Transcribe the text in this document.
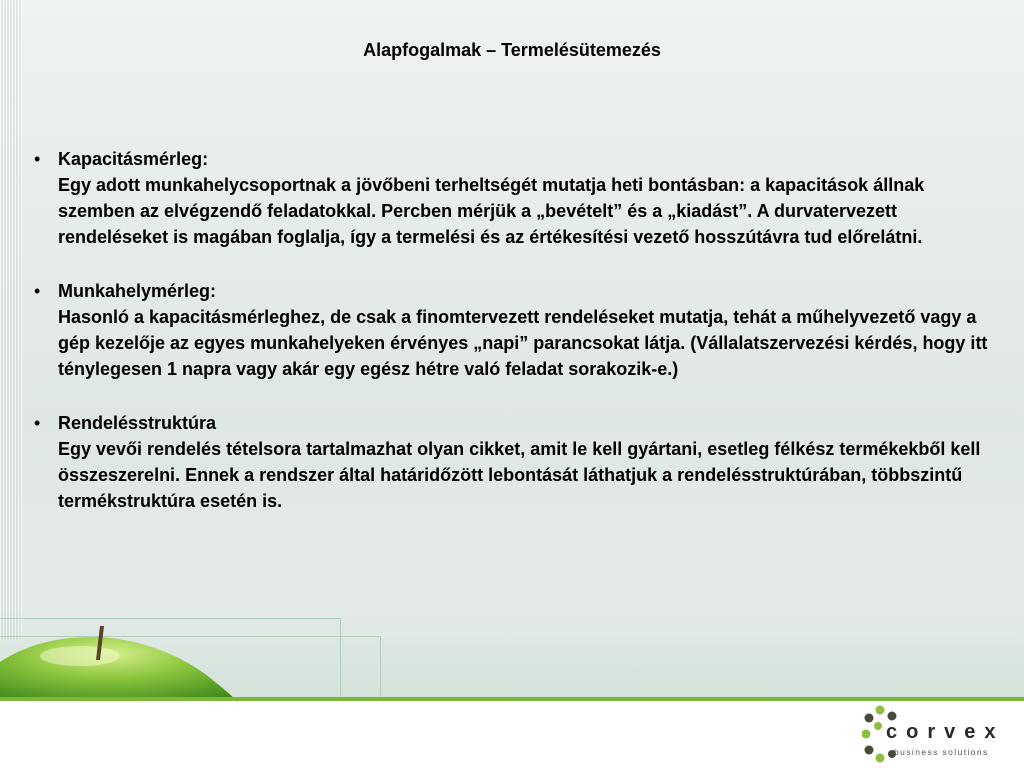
Alapfogalmak – Termelésütemezés
• Kapacitásmérleg:
Egy adott munkahelycsoportnak a jövőbeni terheltségét mutatja heti bontásban: a kapacitások állnak szemben az elvégzendő feladatokkal. Percben mérjük a „bevételt” és a „kiadást”. A durvatervezett rendeléseket is magában foglalja, így a termelési és az értékesítési vezető hosszútávra tud előrelátni.
• Munkahelymérleg:
Hasonló a kapacitásmérleghez, de csak a finomtervezett rendeléseket mutatja, tehát a műhelyvezető vagy a gép kezelője az egyes munkahelyeken érvényes „napi” parancsokat látja. (Vállalatszervezési kérdés, hogy itt ténylegesen 1 napra vagy akár egy egész hétre való feladat sorakozik-e.)
• Rendelésstruktúra
Egy vevői rendelés tételsora tartalmazhat olyan cikket, amit le kell gyártani, esetleg félkész termékekből kell összeszerelni. Ennek a rendszer által határidőzött lebontását láthatjuk a rendelésstruktúrában, többszintű termékstruktúra esetén is.
corvex
business solutions
